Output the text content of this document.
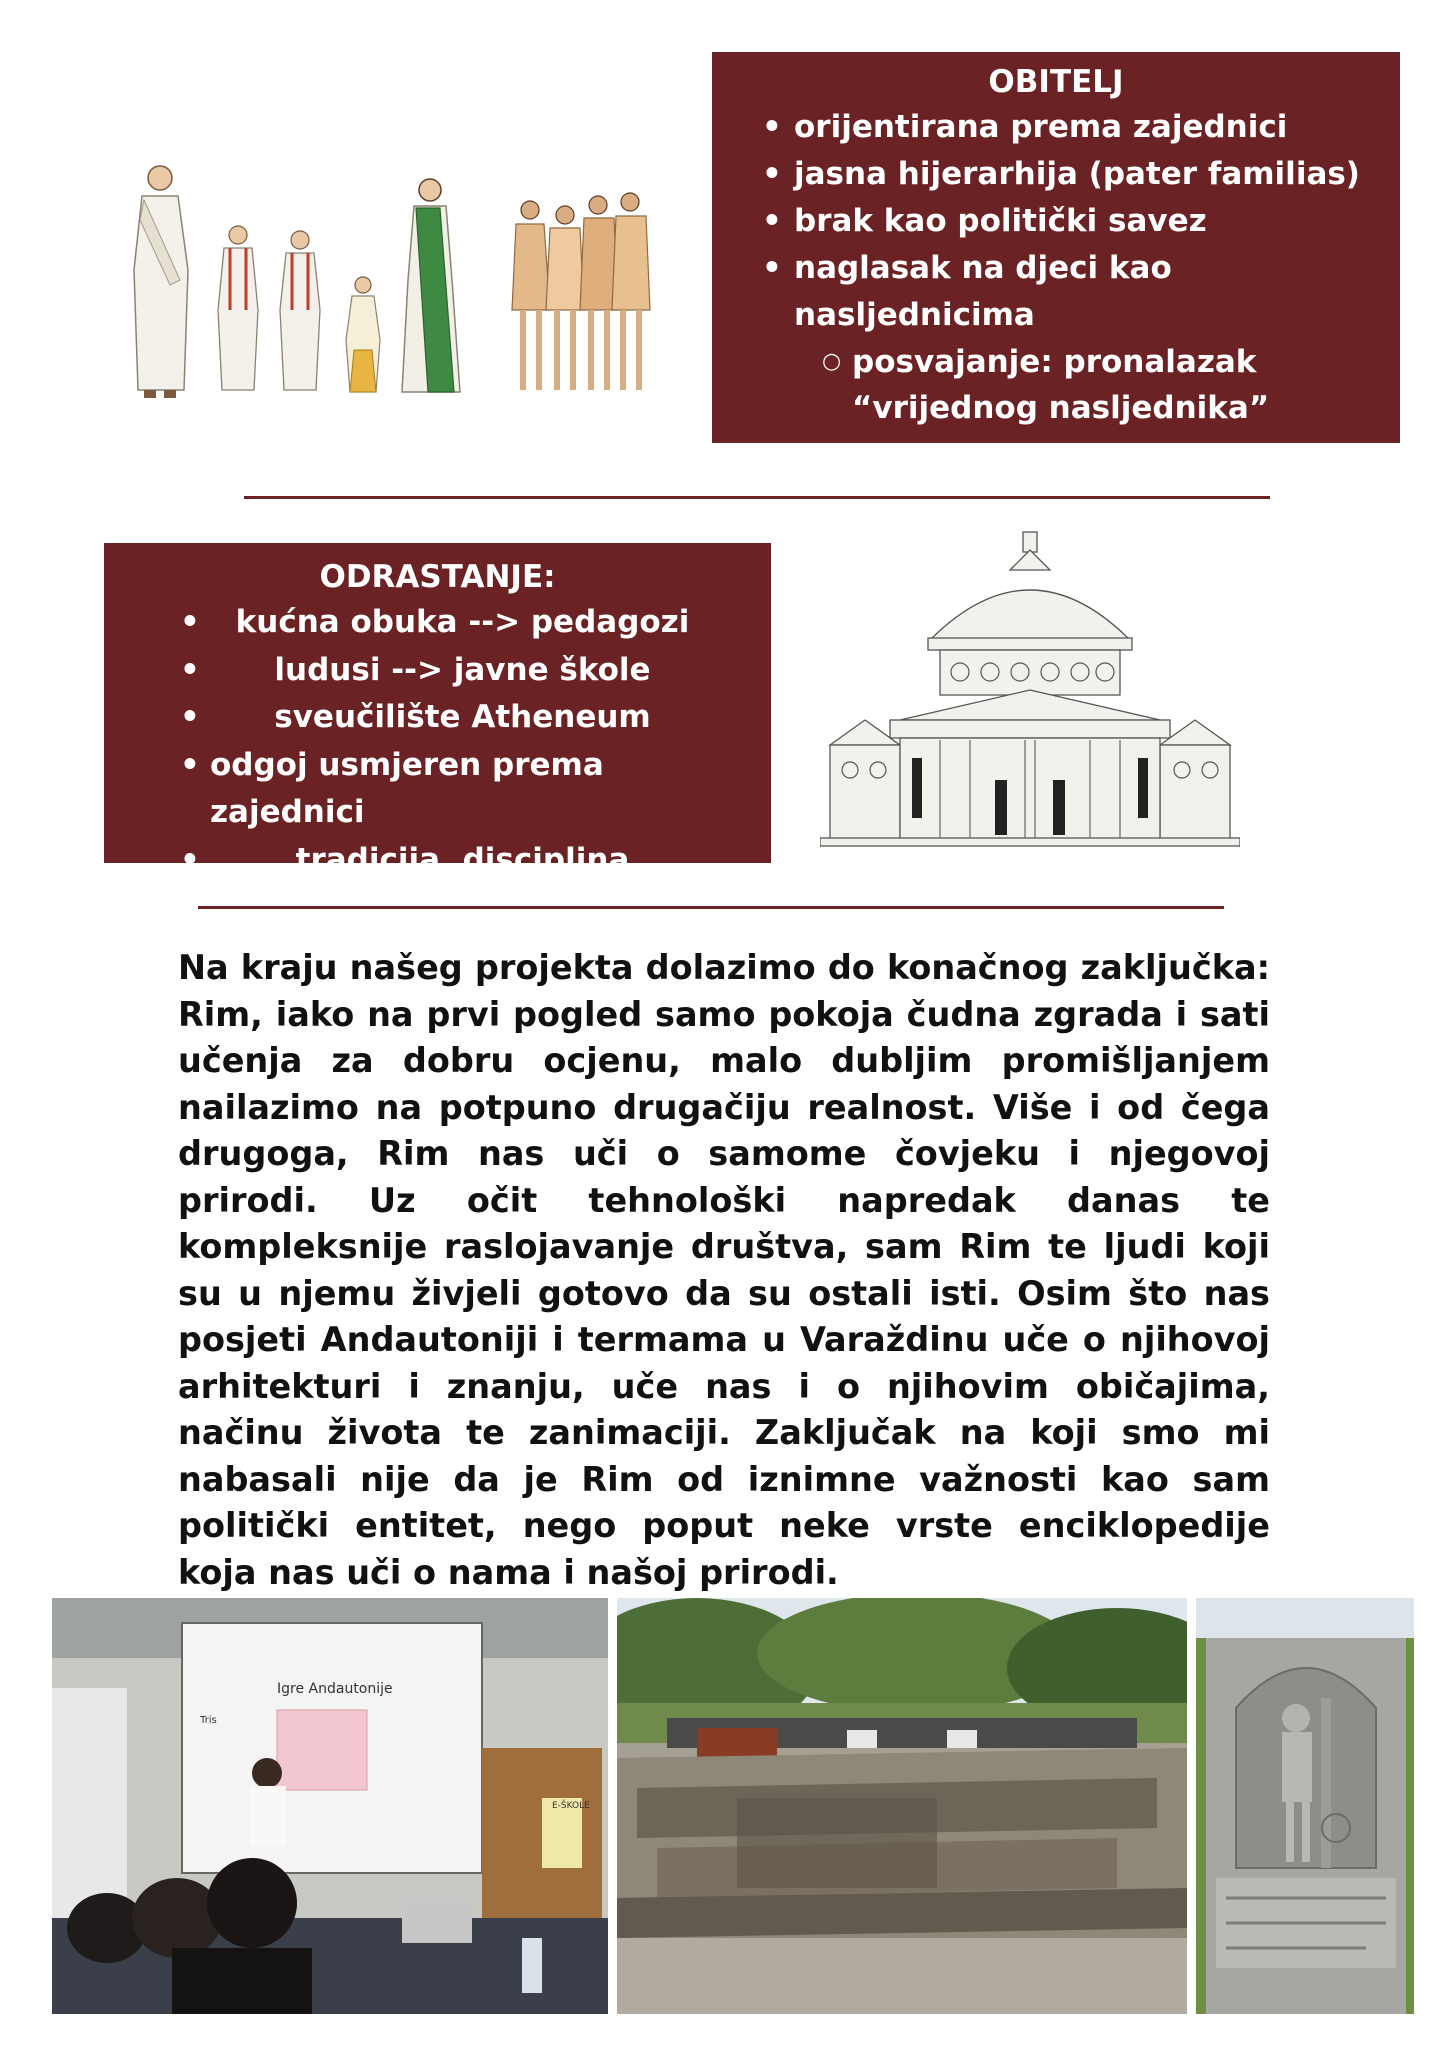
OBITELJ

• orijentirana prema zajednici
• jasna hijerarhija (pater familias)
• brak kao politički savez
• naglasak na djeci kao nasljednicima
○ posvajanje: pronalazak
“vrijednog nasljednika”

ODRASTANJE:

• kućna obuka --> pedagozi
• ludusi --> javne škole
• sveučilište Atheneum
• odgoj usmjeren prema zajednici
• tradicija, disciplina

Na kraju našeg projekta dolazimo do konačnog zaključka: Rim, iako na prvi pogled samo pokoja čudna zgrada i sati učenja za dobru ocjenu, malo dubljim promišljanjem nailazimo na potpuno drugačiju realnost. Više i od čega drugoga, Rim nas uči o samome čovjeku i njegovoj prirodi. Uz očit tehnološki napredak danas te kompleksnije raslojavanje društva, sam Rim te ljudi koji su u njemu živjeli gotovo da su ostali isti. Osim što nas posjeti Andautoniji i termama u Varaždinu uče o njihovoj arhitekturi i znanju, uče nas i o njihovim običajima, načinu života te zanimaciji. Zaključak na koji smo mi nabasali nije da je Rim od iznimne važnosti kao sam politički entitet, nego poput neke vrste enciklopedije koja nas uči o nama i našoj prirodi.

Igre Andautonije
Tris
E-ŠKOLE
